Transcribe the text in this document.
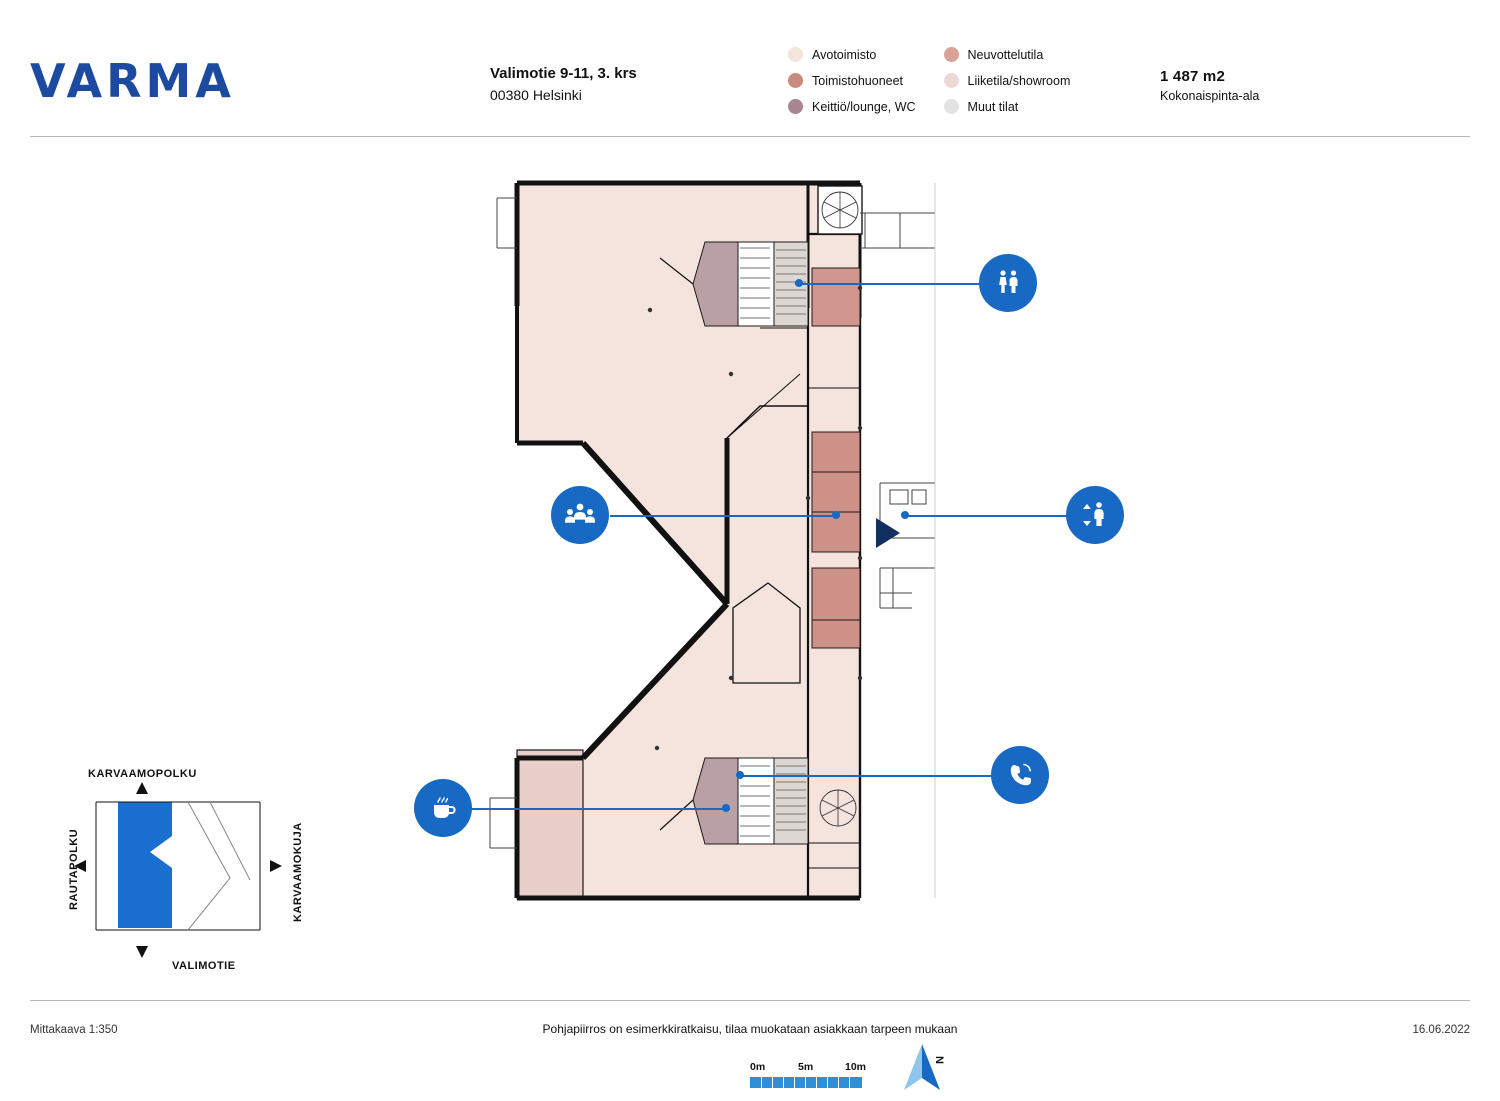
VARMA	Valimotie 9-11, 3. krs
00380 Helsinki
Avotoimisto
Toimistohuoneet
Keittiö/lounge, WC
Neuvottelutila
Liiketila/showroom
Muut tilat
1 487 m2
Kokonaispinta-ala
0m	5m	10m
N
KARVAAMOPOLKU
VALIMOTIE
RAUTAPOLKU	KARVAAMOKUJA
Mittakaava 1:350	Pohjapiirros on esimerkkiratkaisu, tilaa muokataan asiakkaan tarpeen mukaan	16.06.2022
